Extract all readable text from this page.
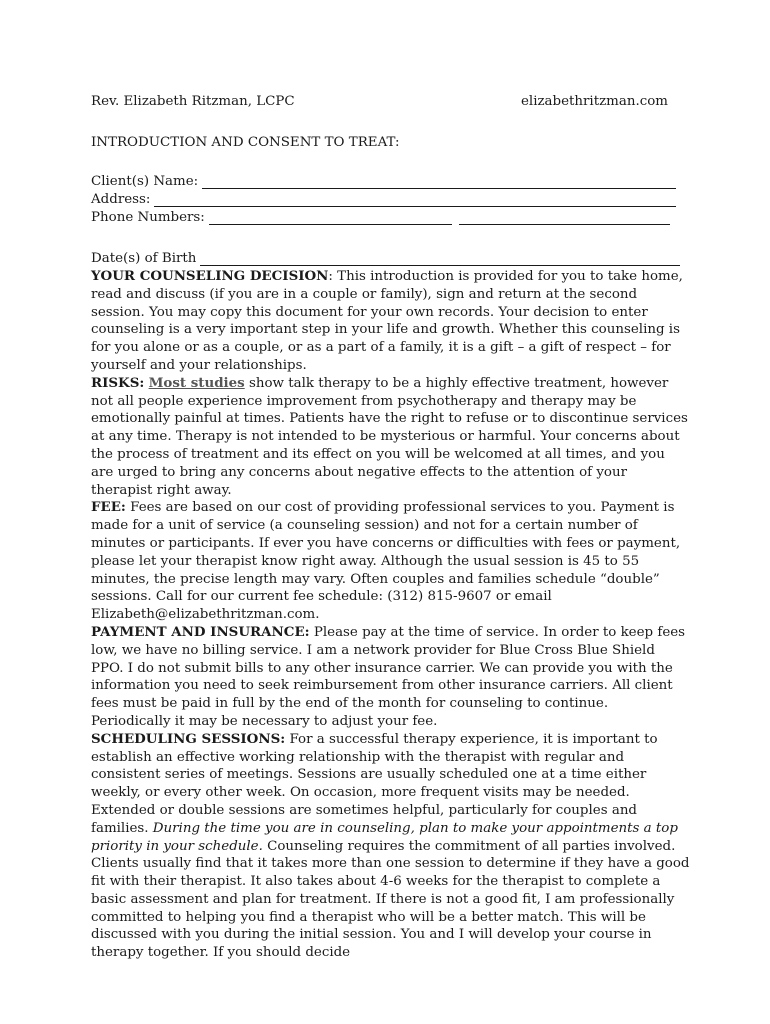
Rev. Elizabeth Ritzman, LCPC	elizabethritzman.com
INTRODUCTION AND CONSENT TO TREAT:
Client(s) Name:
Address:
Phone Numbers:
Date(s) of Birth

YOUR COUNSELING DECISION: This introduction is provided for you to take home, read and discuss (if you are in a couple or family), sign and return at the second session. You may copy this document for your own records. Your decision to enter counseling is a very important step in your life and growth. Whether this counseling is for you alone or as a couple, or as a part of a family, it is a gift – a gift of respect – for yourself and your relationships.

RISKS: Most studies show talk therapy to be a highly effective treatment, however not all people experience improvement from psychotherapy and therapy may be emotionally painful at times. Patients have the right to refuse or to discontinue services at any time. Therapy is not intended to be mysterious or harmful. Your concerns about the process of treatment and its effect on you will be welcomed at all times, and you are urged to bring any concerns about negative effects to the attention of your therapist right away.

FEE: Fees are based on our cost of providing professional services to you. Payment is made for a unit of service (a counseling session) and not for a certain number of minutes or participants. If ever you have concerns or difficulties with fees or payment, please let your therapist know right away. Although the usual session is 45 to 55 minutes, the precise length may vary. Often couples and families schedule “double” sessions. Call for our current fee schedule: (312) 815-9607 or email Elizabeth@elizabethritzman.com.

PAYMENT AND INSURANCE: Please pay at the time of service. In order to keep fees low, we have no billing service. I am a network provider for Blue Cross Blue Shield PPO. I do not submit bills to any other insurance carrier. We can provide you with the information you need to seek reimbursement from other insurance carriers. All client fees must be paid in full by the end of the month for counseling to continue. Periodically it may be necessary to adjust your fee.

SCHEDULING SESSIONS: For a successful therapy experience, it is important to establish an effective working relationship with the therapist with regular and consistent series of meetings. Sessions are usually scheduled one at a time either weekly, or every other week. On occasion, more frequent visits may be needed. Extended or double sessions are sometimes helpful, particularly for couples and families. During the time you are in counseling, plan to make your appointments a top priority in your schedule. Counseling requires the commitment of all parties involved. Clients usually find that it takes more than one session to determine if they have a good fit with their therapist. It also takes about 4-6 weeks for the therapist to complete a basic assessment and plan for treatment. If there is not a good fit, I am professionally committed to helping you find a therapist who will be a better match. This will be discussed with you during the initial session. You and I will develop your course in therapy together. If you should decide
